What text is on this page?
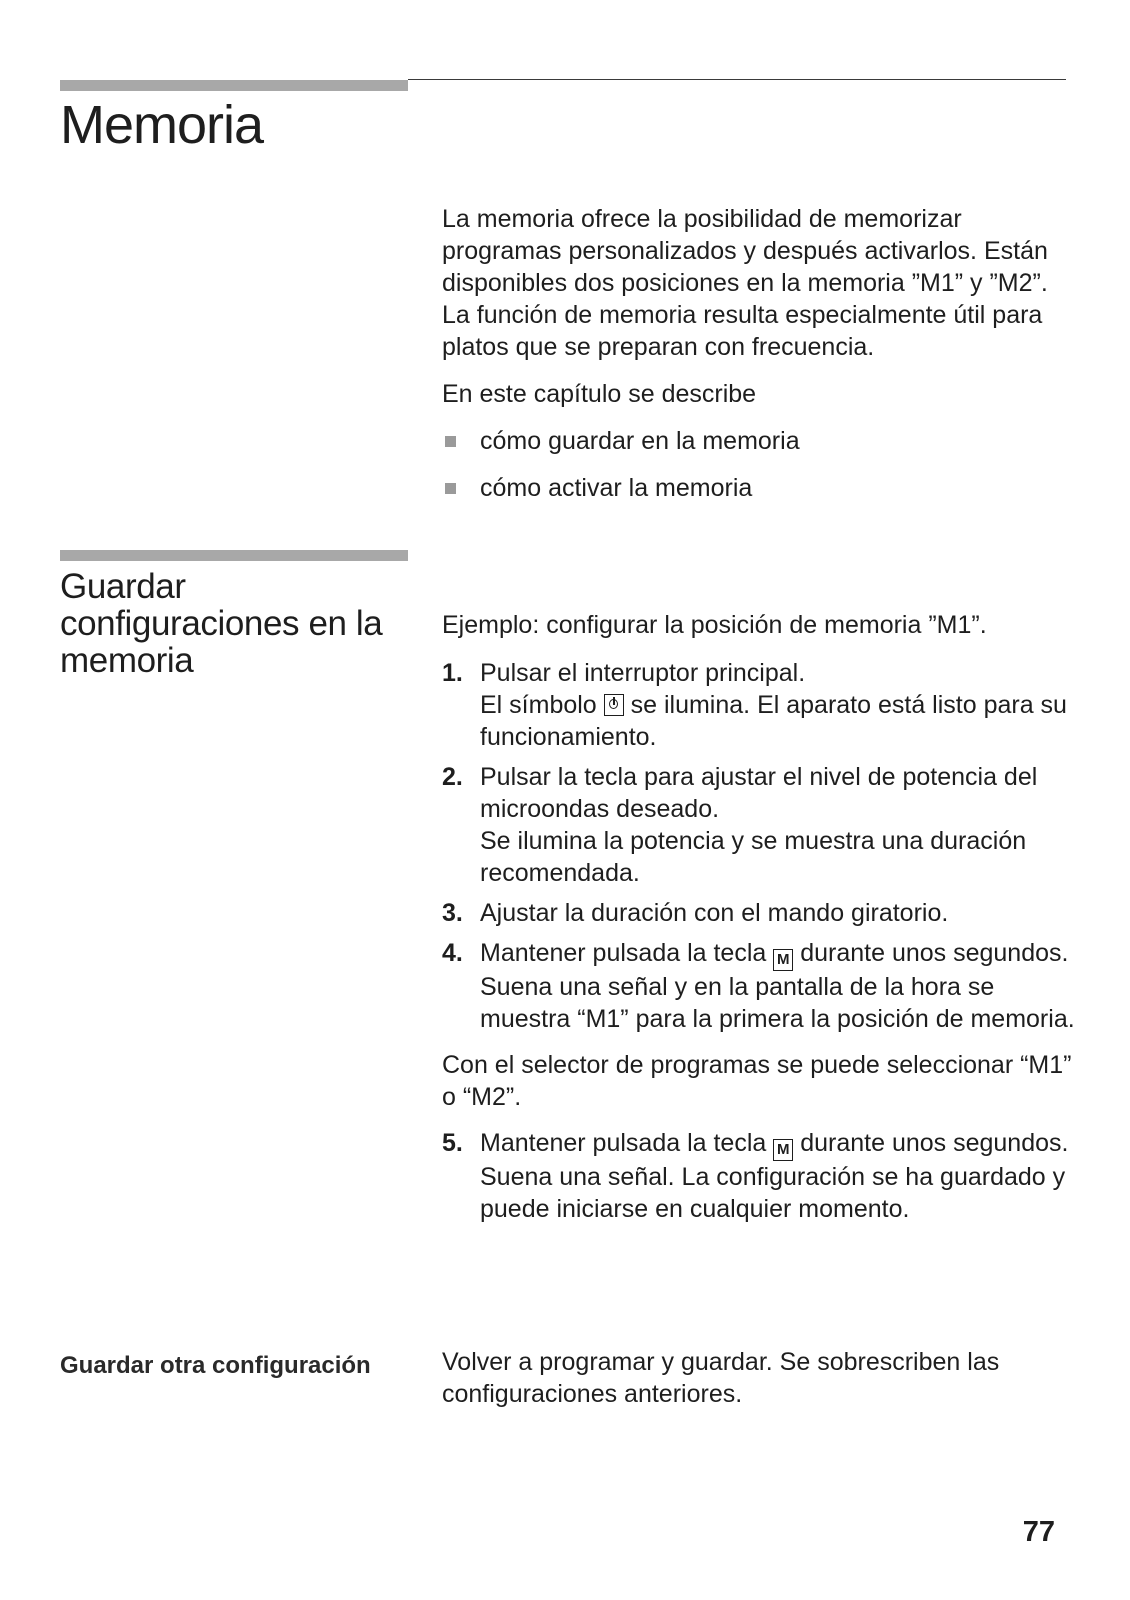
Memoria

La memoria ofrece la posibilidad de memorizar programas personalizados y después activarlos. Están disponibles dos posiciones en la memoria ”M1” y ”M2”. La función de memoria resulta especialmente útil para platos que se preparan con frecuencia.

En este capítulo se describe

cómo guardar en la memoria
cómo activar la memoria
Guardar configuraciones en la memoria

Ejemplo: configurar la posición de memoria ”M1”.

1. Pulsar el interruptor principal.
El símbolo se ilumina. El aparato está listo para su funcionamiento.
2. Pulsar la tecla para ajustar el nivel de potencia del microondas deseado.
Se ilumina la potencia y se muestra una duración recomendada.
3. Ajustar la duración con el mando giratorio.
4. Mantener pulsada la tecla M durante unos segundos.
Suena una señal y en la pantalla de la hora se muestra “M1” para la primera la posición de memoria.

Con el selector de programas se puede seleccionar “M1” o “M2”.

5. Mantener pulsada la tecla M durante unos segundos.
Suena una señal. La configuración se ha guardado y puede iniciarse en cualquier momento.

Guardar otra configuración	Volver a programar y guardar. Se sobrescriben las configuraciones anteriores.

77
